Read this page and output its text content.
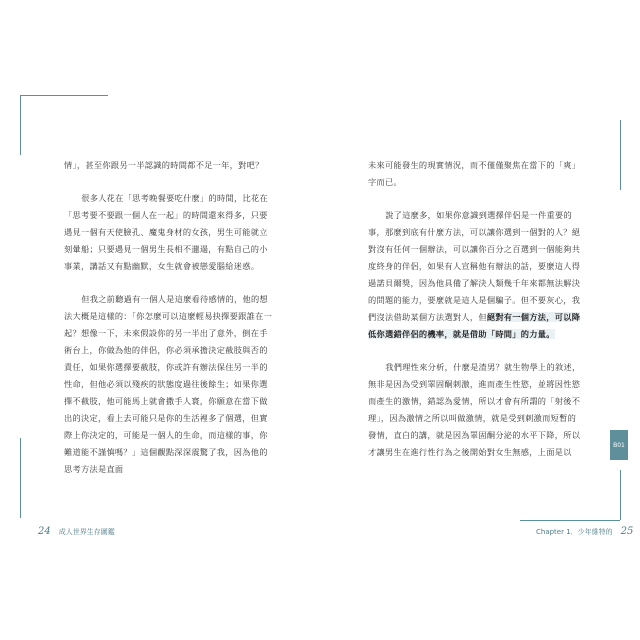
情」，甚至你跟另一半認識的時間都不足一年，對吧？

很多人花在「思考晚餐要吃什麼」的時間，比花在「思考要不要跟一個人在一起」的時間還來得多，只要遇見一個有天使臉孔、魔鬼身材的女孩，男生可能就立刻暈船；只要遇見一個男生長相不邋遢，有點自己的小事業，講話又有點幽默，女生就會被戀愛腦給迷惑。

但我之前聽過有一個人是這麼看待感情的，他的想法大概是這樣的：「你怎麼可以這麼輕易抉擇要跟誰在一起？想像一下，未來假設你的另一半出了意外，倒在手術台上，你做為他的伴侶，你必須承擔決定截肢與否的責任，如果你選擇要截肢，你或許有辦法保住另一半的性命，但他必須以殘疾的狀態度過往後餘生；如果你選擇不截肢，他可能馬上就會撒手人寰，你願意在當下做出的決定，看上去可能只是你的生活裡多了個選，但實際上你決定的，可能是一個人的生命，而這樣的事，你難道能不謹慎嗎？」這個觀點深深震驚了我，因為他的思考方法是直面

24 成人世界生存圖鑑

未來可能發生的現實情況，而不僅僅聚焦在當下的「爽」字而已。

說了這麼多，如果你意識到選擇伴侶是一件重要的事，那麼到底有什麼方法，可以讓你選到一個對的人？絕對沒有任何一個辦法，可以讓你百分之百選到一個能夠共度終身的伴侶，如果有人宣稱他有辦法的話，要麼這人得過諾貝爾獎，因為他具備了解決人類幾千年來都無法解決的問題的能力，要麼就是這人是個騙子。但不要灰心，我們沒法借助某個方法選對人，但絕對有一個方法，可以降低你選錯伴侶的機率，就是借助「時間」的力量。

我們理性來分析，什麼是渣男？就生物學上的敘述，無非是因為受到睪固酮刺激，進而產生性慾，並將因性慾而產生的激情，錯認為愛情，所以才會有所謂的「射後不理」，因為激情之所以叫做激情，就是受到刺激而短暫的發情，直白的講，就是因為睪固酮分泌的水平下降，所以才讓男生在進行性行為之後開始對女生無感，上面是以

Chapter 1．少年維特的 25
B01
